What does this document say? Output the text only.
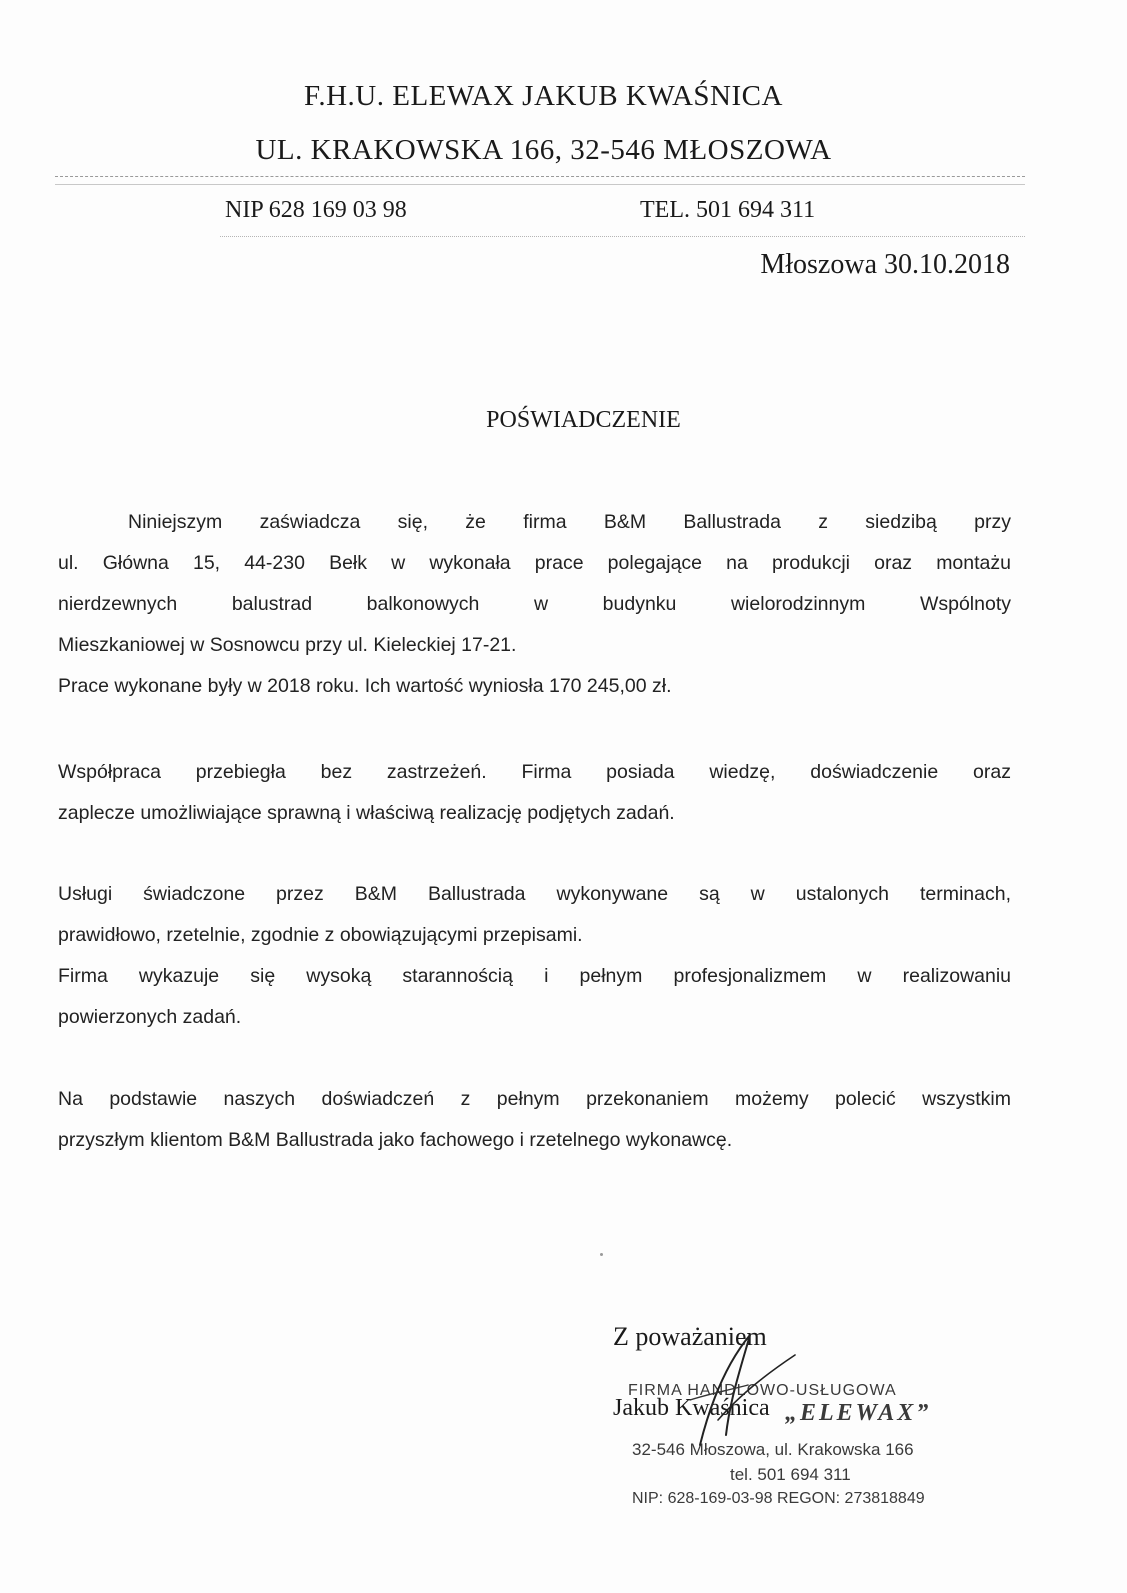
F.H.U. ELEWAX JAKUB KWAŚNICA
UL. KRAKOWSKA 166, 32-546 MŁOSZOWA
NIP 628 169 03 98	TEL. 501 694 311
Młoszowa 30.10.2018
POŚWIADCZENIE
Niniejszym zaświadcza się, że firma B&M Ballustrada z siedzibą przy
ul. Główna 15, 44-230 Bełk w wykonała prace polegające na produkcji oraz montażu
nierdzewnych balustrad balkonowych w budynku wielorodzinnym Wspólnoty
Mieszkaniowej w Sosnowcu przy ul. Kieleckiej 17-21.
Prace wykonane były w 2018 roku. Ich wartość wyniosła 170 245,00 zł.
Współpraca przebiegła bez zastrzeżeń. Firma posiada wiedzę, doświadczenie oraz
zaplecze umożliwiające sprawną i właściwą realizację podjętych zadań.
Usługi świadczone przez B&M Ballustrada wykonywane są w ustalonych terminach,
prawidłowo, rzetelnie, zgodnie z obowiązującymi przepisami.
Firma wykazuje się wysoką starannością i pełnym profesjonalizmem w realizowaniu
powierzonych zadań.
Na podstawie naszych doświadczeń z pełnym przekonaniem możemy polecić wszystkim
przyszłym klientom B&M Ballustrada jako fachowego i rzetelnego wykonawcę.
Z poważaniem
FIRMA HANDLOWO-USŁUGOWA
„ELEWAX”
32-546 Młoszowa, ul. Krakowska 166
tel. 501 694 311
NIP: 628-169-03-98 REGON: 273818849
Jakub Kwaśnica
